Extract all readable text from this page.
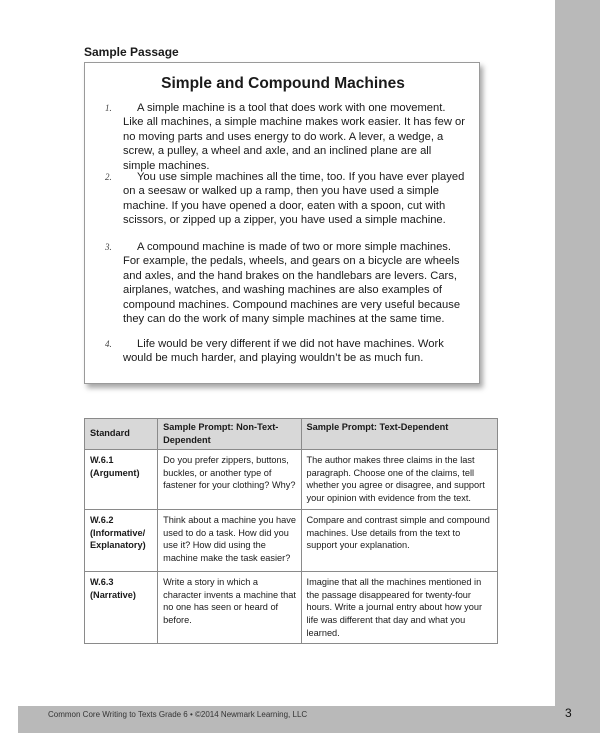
Sample Passage
Simple and Compound Machines
1. A simple machine is a tool that does work with one movement. Like all machines, a simple machine makes work easier. It has few or no moving parts and uses energy to do work. A lever, a wedge, a screw, a pulley, a wheel and axle, and an inclined plane are all simple machines.
2. You use simple machines all the time, too. If you have ever played on a seesaw or walked up a ramp, then you have used a simple machine. If you have opened a door, eaten with a spoon, cut with scissors, or zipped up a zipper, you have used a simple machine.
3. A compound machine is made of two or more simple machines. For example, the pedals, wheels, and gears on a bicycle are wheels and axles, and the hand brakes on the handlebars are levers. Cars, airplanes, watches, and washing machines are also examples of compound machines. Compound machines are very useful because they can do the work of many simple machines at the same time.
4. Life would be very different if we did not have machines. Work would be much harder, and playing wouldn’t be as much fun.
Standard	Sample Prompt: Non-Text-Dependent	Sample Prompt: Text-Dependent
W.6.1 (Argument)	Do you prefer zippers, buttons, buckles, or another type of fastener for your clothing? Why?	The author makes three claims in the last paragraph. Choose one of the claims, tell whether you agree or disagree, and support your opinion with evidence from the text.
W.6.2 (Informative/ Explanatory)	Think about a machine you have used to do a task. How did you use it? How did using the machine make the task easier?	Compare and contrast simple and compound machines. Use details from the text to support your explanation.
W.6.3 (Narrative)	Write a story in which a character invents a machine that no one has seen or heard of before.	Imagine that all the machines mentioned in the passage disappeared for twenty-four hours. Write a journal entry about how your life was different that day and what you learned.
Common Core Writing to Texts Grade 6 • ©2014 Newmark Learning, LLC	3
